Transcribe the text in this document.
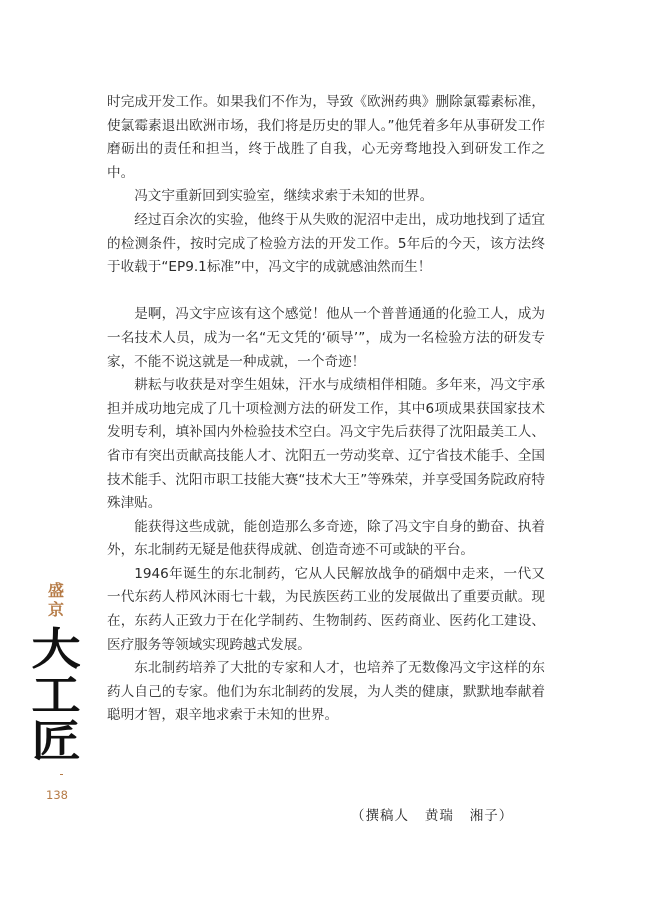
时完成开发工作。如果我们不作为，导致《欧洲药典》删除氯霉素标准，使氯霉素退出欧洲市场，我们将是历史的罪人。”他凭着多年从事研发工作磨砺出的责任和担当，终于战胜了自我，心无旁骛地投入到研发工作之中。

冯文宇重新回到实验室，继续求索于未知的世界。

经过百余次的实验，他终于从失败的泥沼中走出，成功地找到了适宜的检测条件，按时完成了检验方法的开发工作。5年后的今天，该方法终于收载于“EP9.1标准”中，冯文宇的成就感油然而生！

是啊，冯文宇应该有这个感觉！他从一个普普通通的化验工人，成为一名技术人员，成为一名“无文凭的‘硕导’”，成为一名检验方法的研发专家，不能不说这就是一种成就，一个奇迹！

耕耘与收获是对孪生姐妹，汗水与成绩相伴相随。多年来，冯文宇承担并成功地完成了几十项检测方法的研发工作，其中6项成果获国家技术发明专利，填补国内外检验技术空白。冯文宇先后获得了沈阳最美工人、省市有突出贡献高技能人才、沈阳五一劳动奖章、辽宁省技术能手、全国技术能手、沈阳市职工技能大赛“技术大王”等殊荣，并享受国务院政府特殊津贴。

能获得这些成就，能创造那么多奇迹，除了冯文宇自身的勤奋、执着外，东北制药无疑是他获得成就、创造奇迹不可或缺的平台。

1946年诞生的东北制药，它从人民解放战争的硝烟中走来，一代又一代东药人栉风沐雨七十载，为民族医药工业的发展做出了重要贡献。现在，东药人正致力于在化学制药、生物制药、医药商业、医药化工建设、医疗服务等领域实现跨越式发展。

东北制药培养了大批的专家和人才，也培养了无数像冯文宇这样的东药人自己的专家。他们为东北制药的发展，为人类的健康，默默地奉献着聪明才智，艰辛地求索于未知的世界。

（撰稿人   黄瑞   湘子）
盛
京
大
工
匠
138
